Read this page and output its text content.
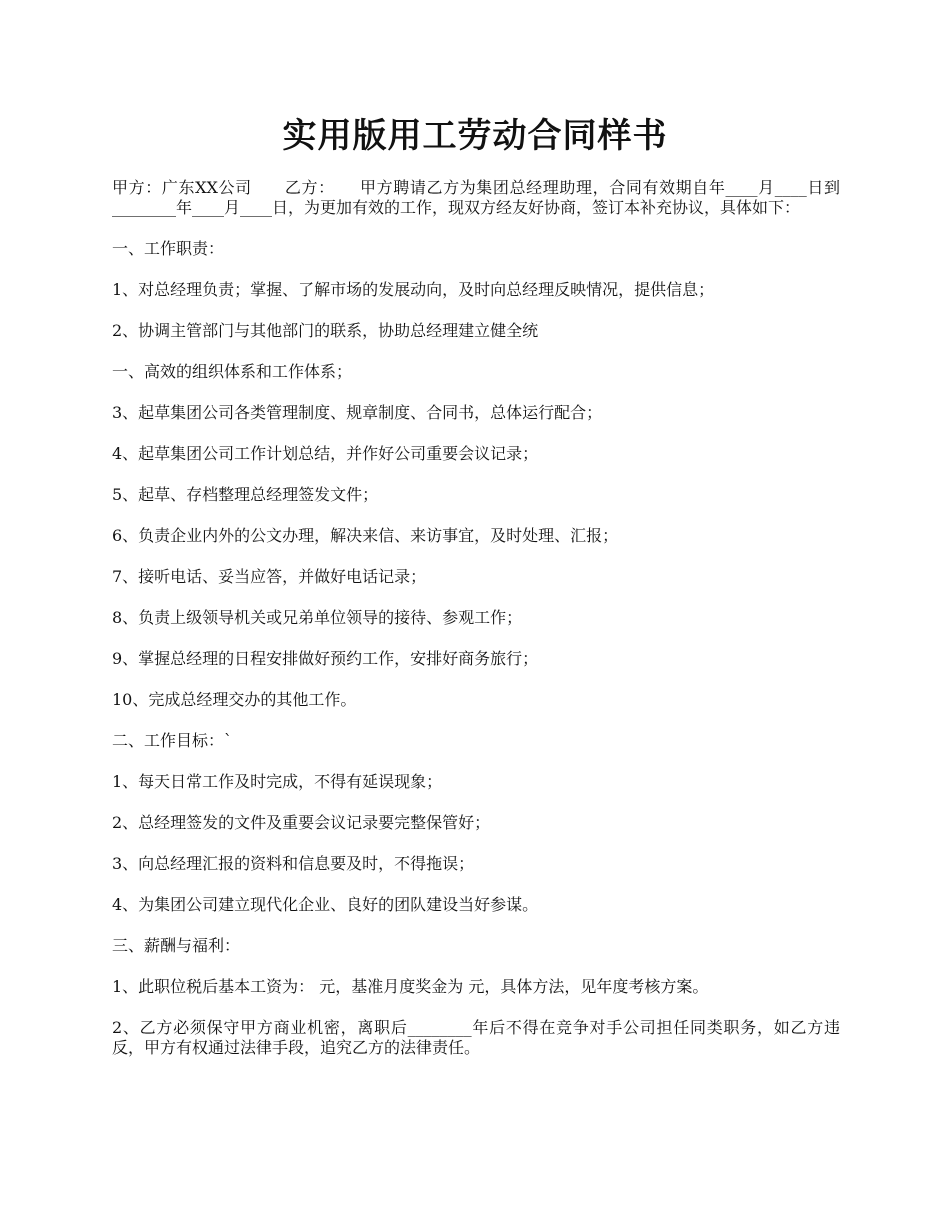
实用版用工劳动合同样书

甲方：广东XX公司　　乙方：　　甲方聘请乙方为集团总经理助理，合同有效期自年____月____日到________年____月____日，为更加有效的工作，现双方经友好协商，签订本补充协议，具体如下：

一、工作职责：

1、对总经理负责；掌握、了解市场的发展动向，及时向总经理反映情况，提供信息；

2、协调主管部门与其他部门的联系，协助总经理建立健全统

一、高效的组织体系和工作体系；

3、起草集团公司各类管理制度、规章制度、合同书，总体运行配合；

4、起草集团公司工作计划总结，并作好公司重要会议记录；

5、起草、存档整理总经理签发文件；

6、负责企业内外的公文办理，解决来信、来访事宜，及时处理、汇报；

7、接听电话、妥当应答，并做好电话记录；

8、负责上级领导机关或兄弟单位领导的接待、参观工作；

9、掌握总经理的日程安排做好预约工作，安排好商务旅行；

10、完成总经理交办的其他工作。

二、工作目标：`

1、每天日常工作及时完成，不得有延误现象；

2、总经理签发的文件及重要会议记录要完整保管好；

3、向总经理汇报的资料和信息要及时，不得拖误；

4、为集团公司建立现代化企业、良好的团队建设当好参谋。

三、薪酬与福利：

1、此职位税后基本工资为： 元，基准月度奖金为 元，具体方法，见年度考核方案。

2、乙方必须保守甲方商业机密，离职后________年后不得在竞争对手公司担任同类职务，如乙方违反，甲方有权通过法律手段，追究乙方的法律责任。
